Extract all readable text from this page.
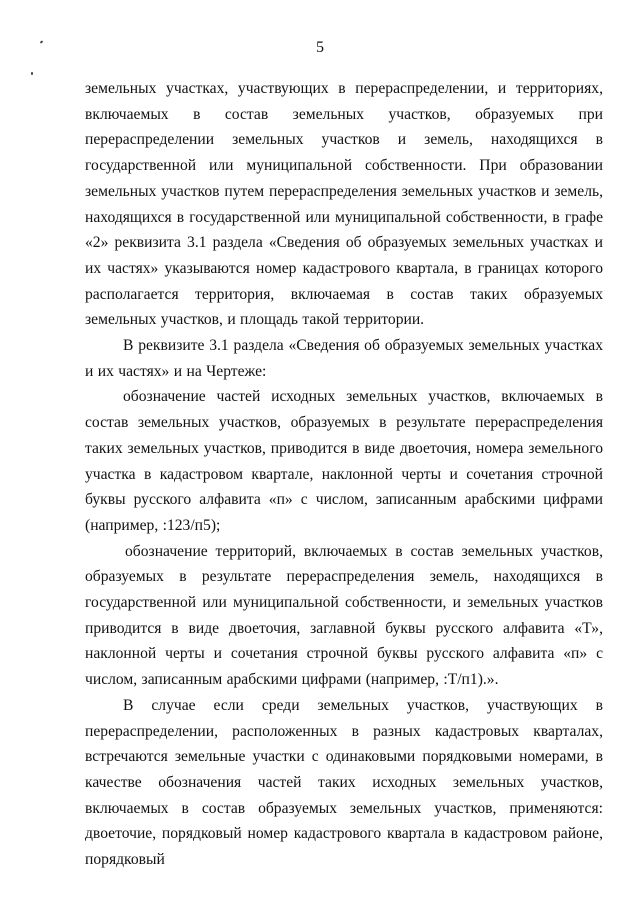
5

земельных участках, участвующих в перераспределении, и территориях, включаемых в состав земельных участков, образуемых при перераспределении земельных участков и земель, находящихся в государственной или муниципальной собственности. При образовании земельных участков путем перераспределения земельных участков и земель, находящихся в государственной или муниципальной собственности, в графе «2» реквизита 3.1 раздела «Сведения об образуемых земельных участках и их частях» указываются номер кадастрового квартала, в границах которого располагается территория, включаемая в состав таких образуемых земельных участков, и площадь такой территории.

В реквизите 3.1 раздела «Сведения об образуемых земельных участках и их частях» и на Чертеже:

обозначение частей исходных земельных участков, включаемых в состав земельных участков, образуемых в результате перераспределения таких земельных участков, приводится в виде двоеточия, номера земельного участка в кадастровом квартале, наклонной черты и сочетания строчной буквы русского алфавита «п» с числом, записанным арабскими цифрами (например, :123/п5);

обозначение территорий, включаемых в состав земельных участков, образуемых в результате перераспределения земель, находящихся в государственной или муниципальной собственности, и земельных участков приводится в виде двоеточия, заглавной буквы русского алфавита «Т», наклонной черты и сочетания строчной буквы русского алфавита «п» с числом, записанным арабскими цифрами (например, :Т/п1).».

В случае если среди земельных участков, участвующих в перераспределении, расположенных в разных кадастровых кварталах, встречаются земельные участки с одинаковыми порядковыми номерами, в качестве обозначения частей таких исходных земельных участков, включаемых в состав образуемых земельных участков, применяются: двоеточие, порядковый номер кадастрового квартала в кадастровом районе, порядковый
